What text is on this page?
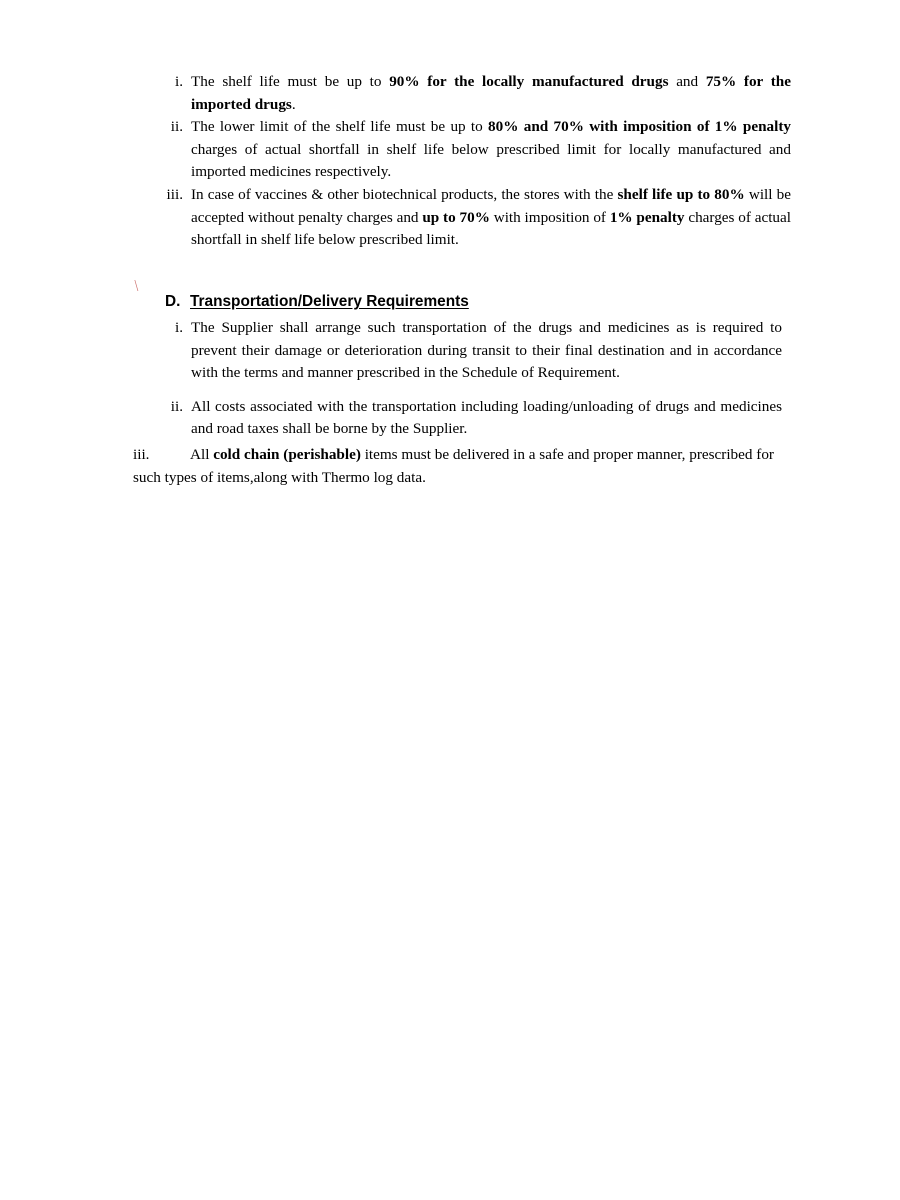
i. The shelf life must be up to 90% for the locally manufactured drugs and 75% for the imported drugs.
ii. The lower limit of the shelf life must be up to 80% and 70% with imposition of 1% penalty charges of actual shortfall in shelf life below prescribed limit for locally manufactured and imported medicines respectively.
iii. In case of vaccines & other biotechnical products, the stores with the shelf life up to 80% will be accepted without penalty charges and up to 70% with imposition of 1% penalty charges of actual shortfall in shelf life below prescribed limit.
\
D. Transportation/Delivery Requirements
i. The Supplier shall arrange such transportation of the drugs and medicines as is required to prevent their damage or deterioration during transit to their final destination and in accordance with the terms and manner prescribed in the Schedule of Requirement.
ii. All costs associated with the transportation including loading/unloading of drugs and medicines and road taxes shall be borne by the Supplier.
iii.	All cold chain (perishable) items must be delivered in a safe and proper manner, prescribed for such types of items,along with Thermo log data.
